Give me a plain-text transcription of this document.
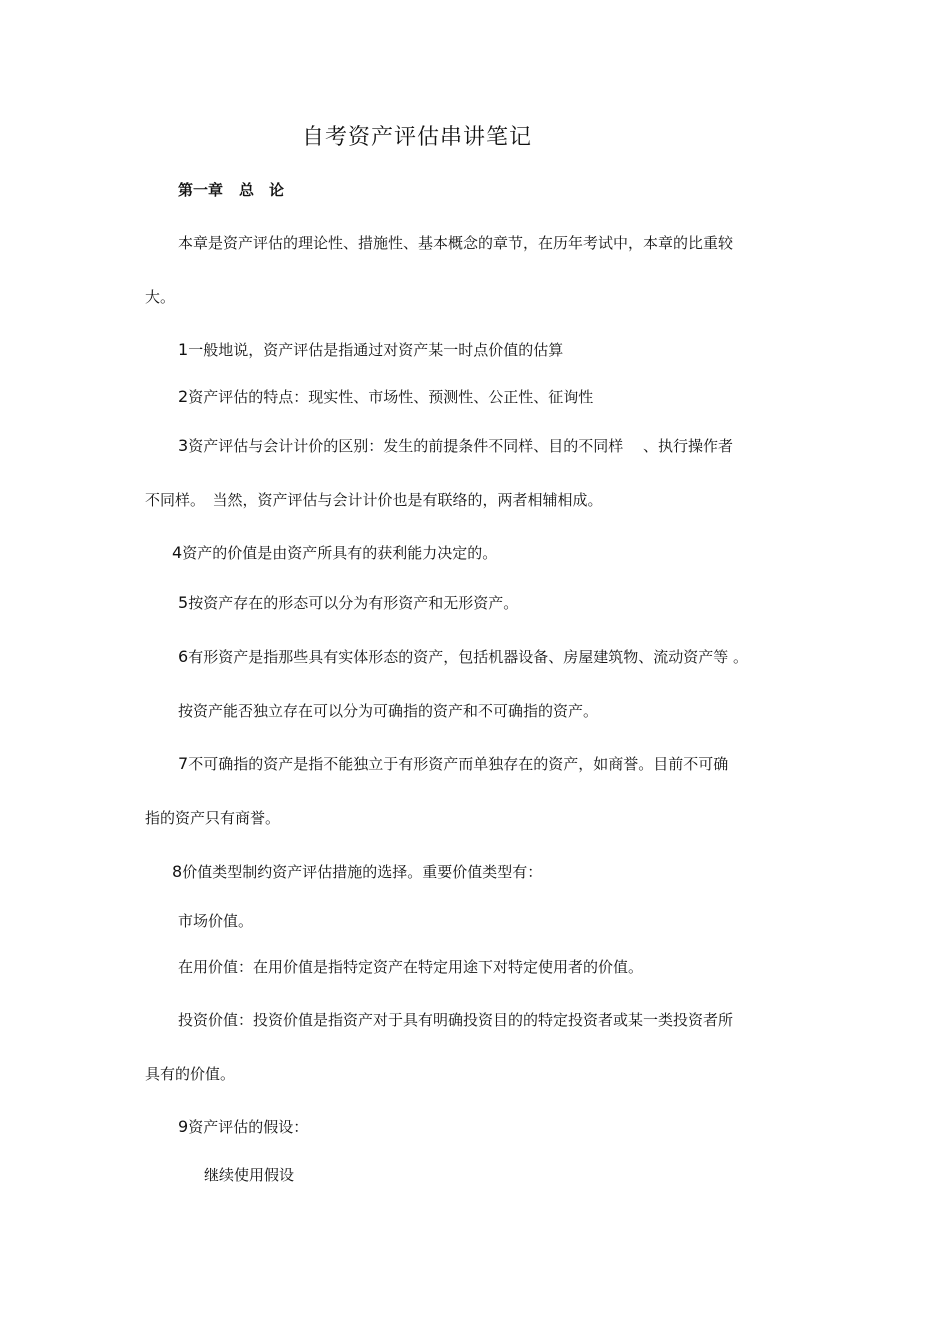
自考资产评估串讲笔记
第一章 总　论
本章是资产评估的理论性、措施性、基本概念的章节，在历年考试中，本章的比重较
大。
1一般地说，资产评估是指通过对资产某一时点价值的估算
2资产评估的特点：现实性、市场性、预测性、公正性、征询性
3资产评估与会计计价的区别：发生的前提条件不同样、目的不同样　 、执行操作者
不同样。　当然，资产评估与会计计价也是有联络的，两者相辅相成。
4资产的价值是由资产所具有的获利能力决定的。
5按资产存在的形态可以分为有形资产和无形资产。
6有形资产是指那些具有实体形态的资产，包括机器设备、房屋建筑物、流动资产等 。
按资产能否独立存在可以分为可确指的资产和不可确指的资产。
7不可确指的资产是指不能独立于有形资产而单独存在的资产，如商誉。目前不可确
指的资产只有商誉。
8价值类型制约资产评估措施的选择。重要价值类型有：
市场价值。
在用价值：在用价值是指特定资产在特定用途下对特定使用者的价值。
投资价值：投资价值是指资产对于具有明确投资目的的特定投资者或某一类投资者所
具有的价值。
9资产评估的假设：
继续使用假设
